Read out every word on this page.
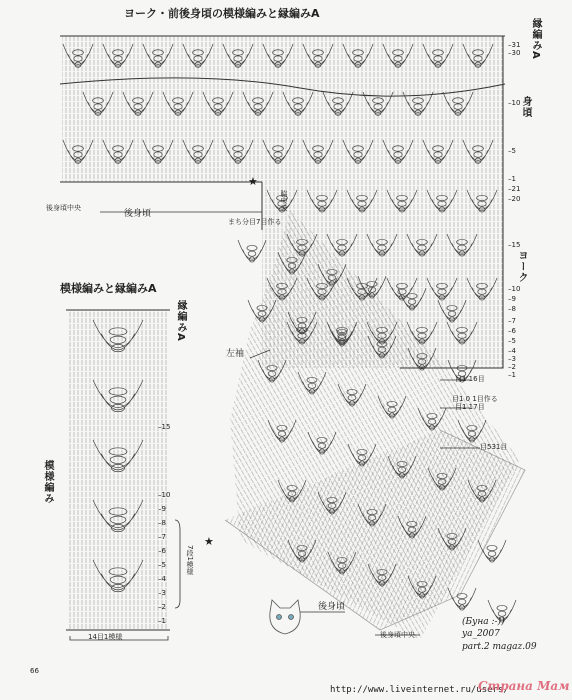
★
★
ヨーク・前後身頃の模様編みと縁編みA
模様編みと縁編みA
縁編みA
身頃
ヨーク
縁編みA
模様編み
後身頃中央
後身頃
脇中央
まち分目7目作る
左袖
後身頃
後身頃中央
7段1模様
14目1模様
目1 16目
目1 0 1目作る
目1 17目
目531目
–31
–30
–10
–5
–1
–21
–20
–15
–10
–9
–8
–7
–6
–5
–4
–3
–2
–1
–15
–10
–9
–8
–7
–6
–5
–4
–3
–2
–1
66
http://www.liveinternet.ru/users/
Страна Мам
(Буна :-))
ya_2007
part.2 magaz.09
